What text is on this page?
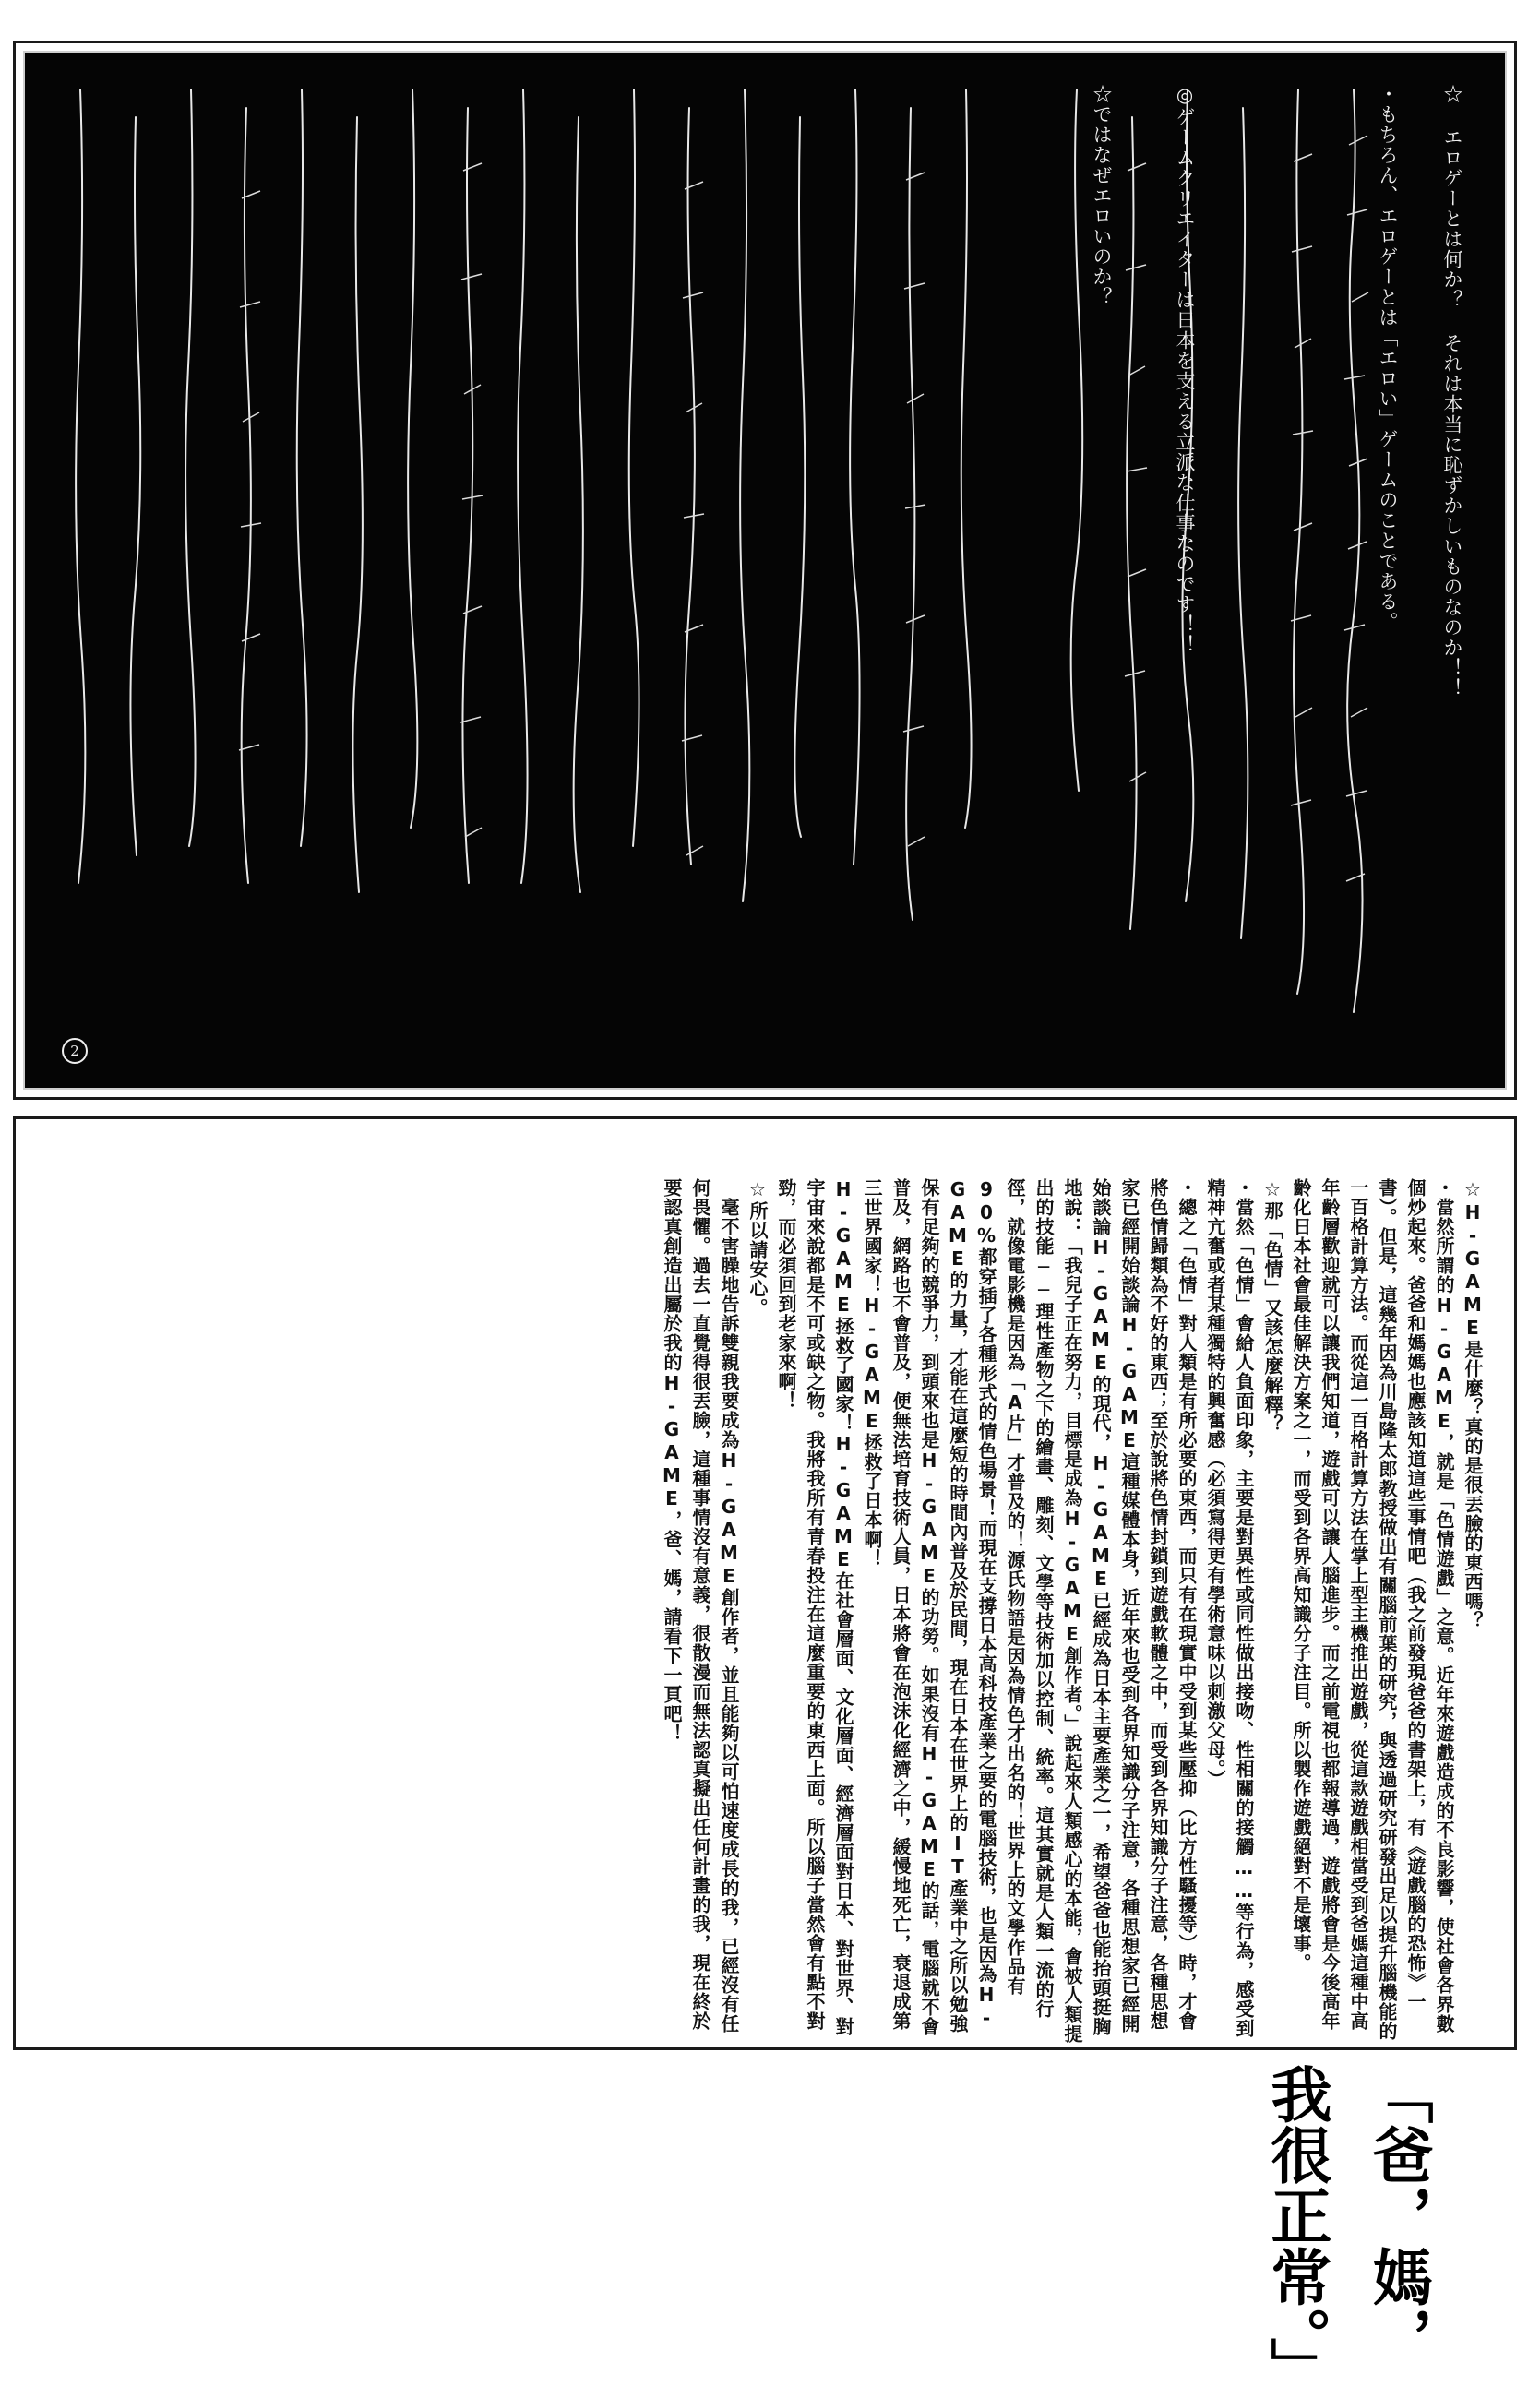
☆ エロゲーとは何か？ それは本当に恥ずかしいものなのか！！
・もちろん、エロゲーとは「エロい」ゲームのことである。
☆ではなぜエロいのか？	◎ゲームクリエイターは日本を支える立派な仕事なのです！！
2

☆H-GAME是什麼？真的是很丟臉的東西嗎？

・當然所謂的H-GAME，就是「色情遊戲」之意。近年來遊戲造成的不良影響，使社會各界數個炒起來。爸爸和媽媽也應該知道這些事情吧（我之前發現爸爸的書架上，有《遊戲腦的恐怖》一書）。但是，這幾年因為川島隆太郎教授做出有關腦前葉的研究，與透過研究研發出足以提升腦機能的一百格計算方法。而從這一百格計算方法在掌上型主機推出遊戲，從這款遊戲相當受到爸媽這種中高年齡層歡迎就可以讓我們知道，遊戲可以讓人腦進步。而之前電視也都報導過，遊戲將會是今後高年齡化日本社會最佳解決方案之一，而受到各界高知識分子注目。所以製作遊戲絕對不是壞事。

☆那「色情」又該怎麼解釋？

・當然「色情」會給人負面印象，主要是對異性或同性做出接吻、性相關的接觸……等行為，感受到精神亢奮或者某種獨特的興奮感（必須寫得更有學術意味以刺激父母。）

・總之「色情」對人類是有所必要的東西，而只有在現實中受到某些壓抑（比方性騷擾等）時，才會將色情歸類為不好的東西；至於說將色情封鎖到遊戲軟體之中，而受到各界知識分子注意，各種思想家已經開始談論H-GAME這種媒體本身，近年來也受到各界知識分子注意，各種思想家已經開始談論H-GAME的現代，H-GAME已經成為日本主要產業之一，希望爸爸也能抬頭挺胸地說：「我兒子正在努力，目標是成為H-GAME創作者。」說起來人類感心的本能，會被人類提出的技能──理性產物之下的繪畫、雕刻、文學等技術加以控制、統率。這其實就是人類一流的行徑，就像電影機是因為「A片」才普及的！源氏物語是因為情色才出名的！世界上的文學作品有90%都穿插了各種形式的情色場景！而現在支撐日本高科技產業之要的電腦技術，也是因為H-GAME的力量，才能在這麼短的時間內普及於民間，現在日本在世界上的IT產業中之所以勉強保有足夠的競爭力，到頭來也是H-GAME的功勞。如果沒有H-GAME的話，電腦就不會普及，網路也不會普及，便無法培育技術人員，日本將會在泡沫化經濟之中，緩慢地死亡，衰退成第三世界國家！H-GAME拯救了日本啊！

H-GAME拯救了國家！H-GAME在社會層面、文化層面、經濟層面對日本、對世界、對宇宙來說都是不可或缺之物。我將我所有青春投注在這麼重要的東西上面。所以腦子當然會有點不對勁，而必須回到老家來啊！

☆所以請安心。

　毫不害臊地告訴雙親我要成為H-GAME創作者，並且能夠以可怕速度成長的我，已經沒有任何畏懼。過去一直覺得很丟臉，這種事情沒有意義，很散漫而無法認真擬出任何計畫的我，現在終於要認真創造出屬於我的H-GAME，爸、媽，請看下一頁吧！

「爸，媽，
我很正常。」
